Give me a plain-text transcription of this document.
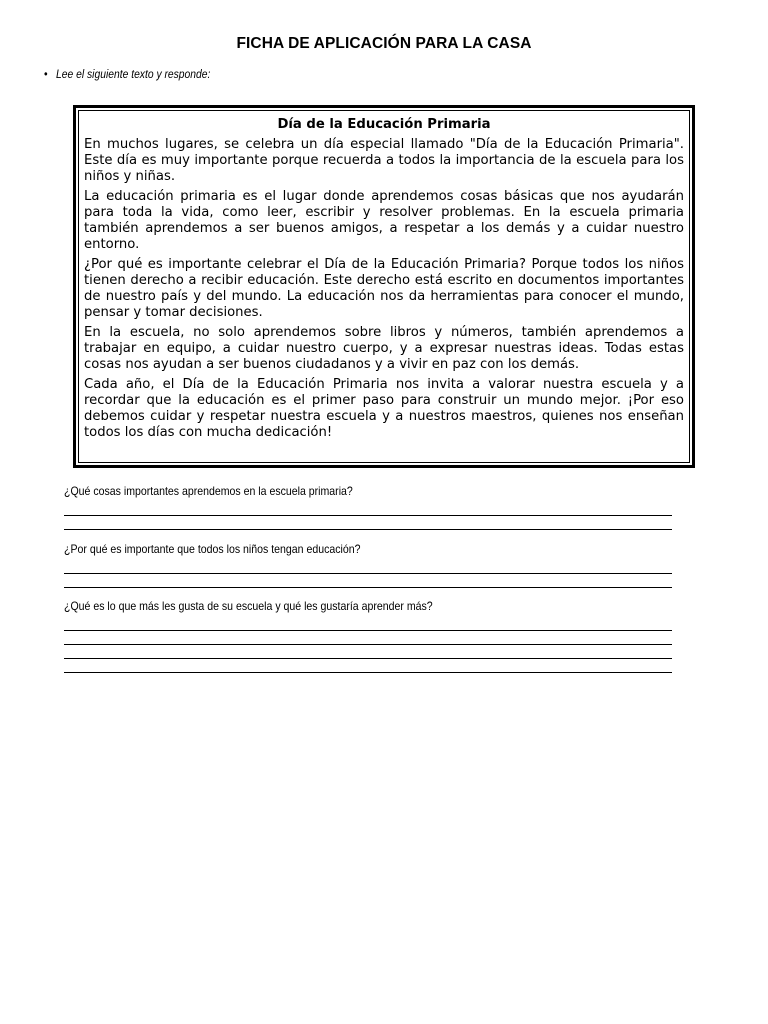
FICHA DE APLICACIÓN PARA LA CASA
• Lee el siguiente texto y responde:
Día de la Educación Primaria

En muchos lugares, se celebra un día especial llamado "Día de la Educación Primaria". Este día es muy importante porque recuerda a todos la importancia de la escuela para los niños y niñas.

La educación primaria es el lugar donde aprendemos cosas básicas que nos ayudarán para toda la vida, como leer, escribir y resolver problemas. En la escuela primaria también aprendemos a ser buenos amigos, a respetar a los demás y a cuidar nuestro entorno.

¿Por qué es importante celebrar el Día de la Educación Primaria? Porque todos los niños tienen derecho a recibir educación. Este derecho está escrito en documentos importantes de nuestro país y del mundo. La educación nos da herramientas para conocer el mundo, pensar y tomar decisiones.

En la escuela, no solo aprendemos sobre libros y números, también aprendemos a trabajar en equipo, a cuidar nuestro cuerpo, y a expresar nuestras ideas. Todas estas cosas nos ayudan a ser buenos ciudadanos y a vivir en paz con los demás.

Cada año, el Día de la Educación Primaria nos invita a valorar nuestra escuela y a recordar que la educación es el primer paso para construir un mundo mejor. ¡Por eso debemos cuidar y respetar nuestra escuela y a nuestros maestros, quienes nos enseñan todos los días con mucha dedicación!

¿Qué cosas importantes aprendemos en la escuela primaria?
¿Por qué es importante que todos los niños tengan educación?
¿Qué es lo que más les gusta de su escuela y qué les gustaría aprender más?
